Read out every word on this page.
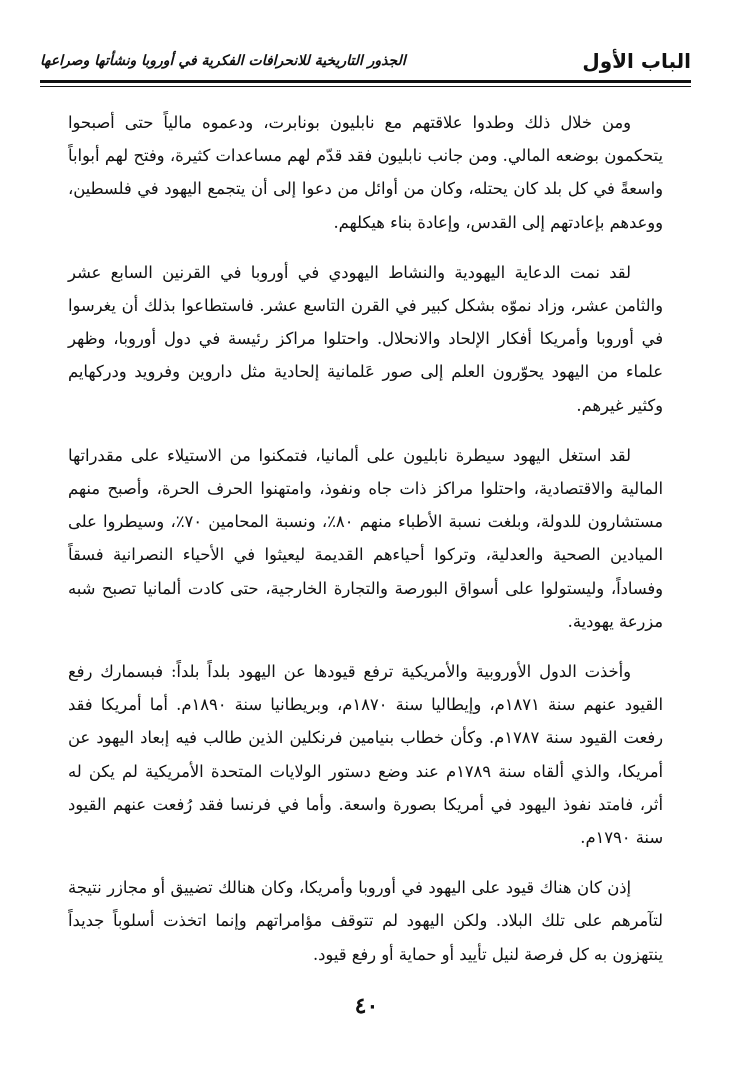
الباب الأول
الجذور التاريخية للانحرافات الفكرية في أوروبا ونشأتها وصراعها

ومن خلال ذلك وطدوا علاقتهم مع نابليون بونابرت، ودعموه مالياً حتى أصبحوا يتحكمون بوضعه المالي. ومن جانب نابليون فقد قدّم لهم مساعدات كثيرة، وفتح لهم أبواباً واسعةً في كل بلد كان يحتله، وكان من أوائل من دعوا إلى أن يتجمع اليهود في فلسطين، ووعدهم بإعادتهم إلى القدس، وإعادة بناء هيكلهم.

لقد نمت الدعاية اليهودية والنشاط اليهودي في أوروبا في القرنين السابع عشر والثامن عشر، وزاد نموّه بشكل كبير في القرن التاسع عشر. فاستطاعوا بذلك أن يغرسوا في أوروبا وأمريكا أفكار الإلحاد والانحلال. واحتلوا مراكز رئيسة في دول أوروبا، وظهر علماء من اليهود يحوّرون العلم إلى صور عَلمانية إلحادية مثل داروين وفرويد ودركهايم وكثير غيرهم.

لقد استغل اليهود سيطرة نابليون على ألمانيا، فتمكنوا من الاستيلاء على مقدراتها المالية والاقتصادية، واحتلوا مراكز ذات جاه ونفوذ، وامتهنوا الحرف الحرة، وأصبح منهم مستشارون للدولة، وبلغت نسبة الأطباء منهم ٨٠٪، ونسبة المحامين ٧٠٪، وسيطروا على الميادين الصحية والعدلية، وتركوا أحياءهم القديمة ليعيثوا في الأحياء النصرانية فسقاً وفساداً، وليستولوا على أسواق البورصة والتجارة الخارجية، حتى كادت ألمانيا تصبح شبه مزرعة يهودية.

وأخذت الدول الأوروبية والأمريكية ترفع قيودها عن اليهود بلداً بلداً: فبسمارك رفع القيود عنهم سنة ١٨٧١م، وإيطاليا سنة ١٨٧٠م، وبريطانيا سنة ١٨٩٠م. أما أمريكا فقد رفعت القيود سنة ١٧٨٧م. وكأن خطاب بنيامين فرنكلين الذين طالب فيه إبعاد اليهود عن أمريكا، والذي ألقاه سنة ١٧٨٩م عند وضع دستور الولايات المتحدة الأمريكية لم يكن له أثر، فامتد نفوذ اليهود في أمريكا بصورة واسعة. وأما في فرنسا فقد رُفعت عنهم القيود سنة ١٧٩٠م.

إذن كان هناك قيود على اليهود في أوروبا وأمريكا، وكان هنالك تضييق أو مجازر نتيجة لتآمرهم على تلك البلاد. ولكن اليهود لم تتوقف مؤامراتهم وإنما اتخذت أسلوباً جديداً ينتهزون به كل فرصة لنيل تأييد أو حماية أو رفع قيود.

٤٠
